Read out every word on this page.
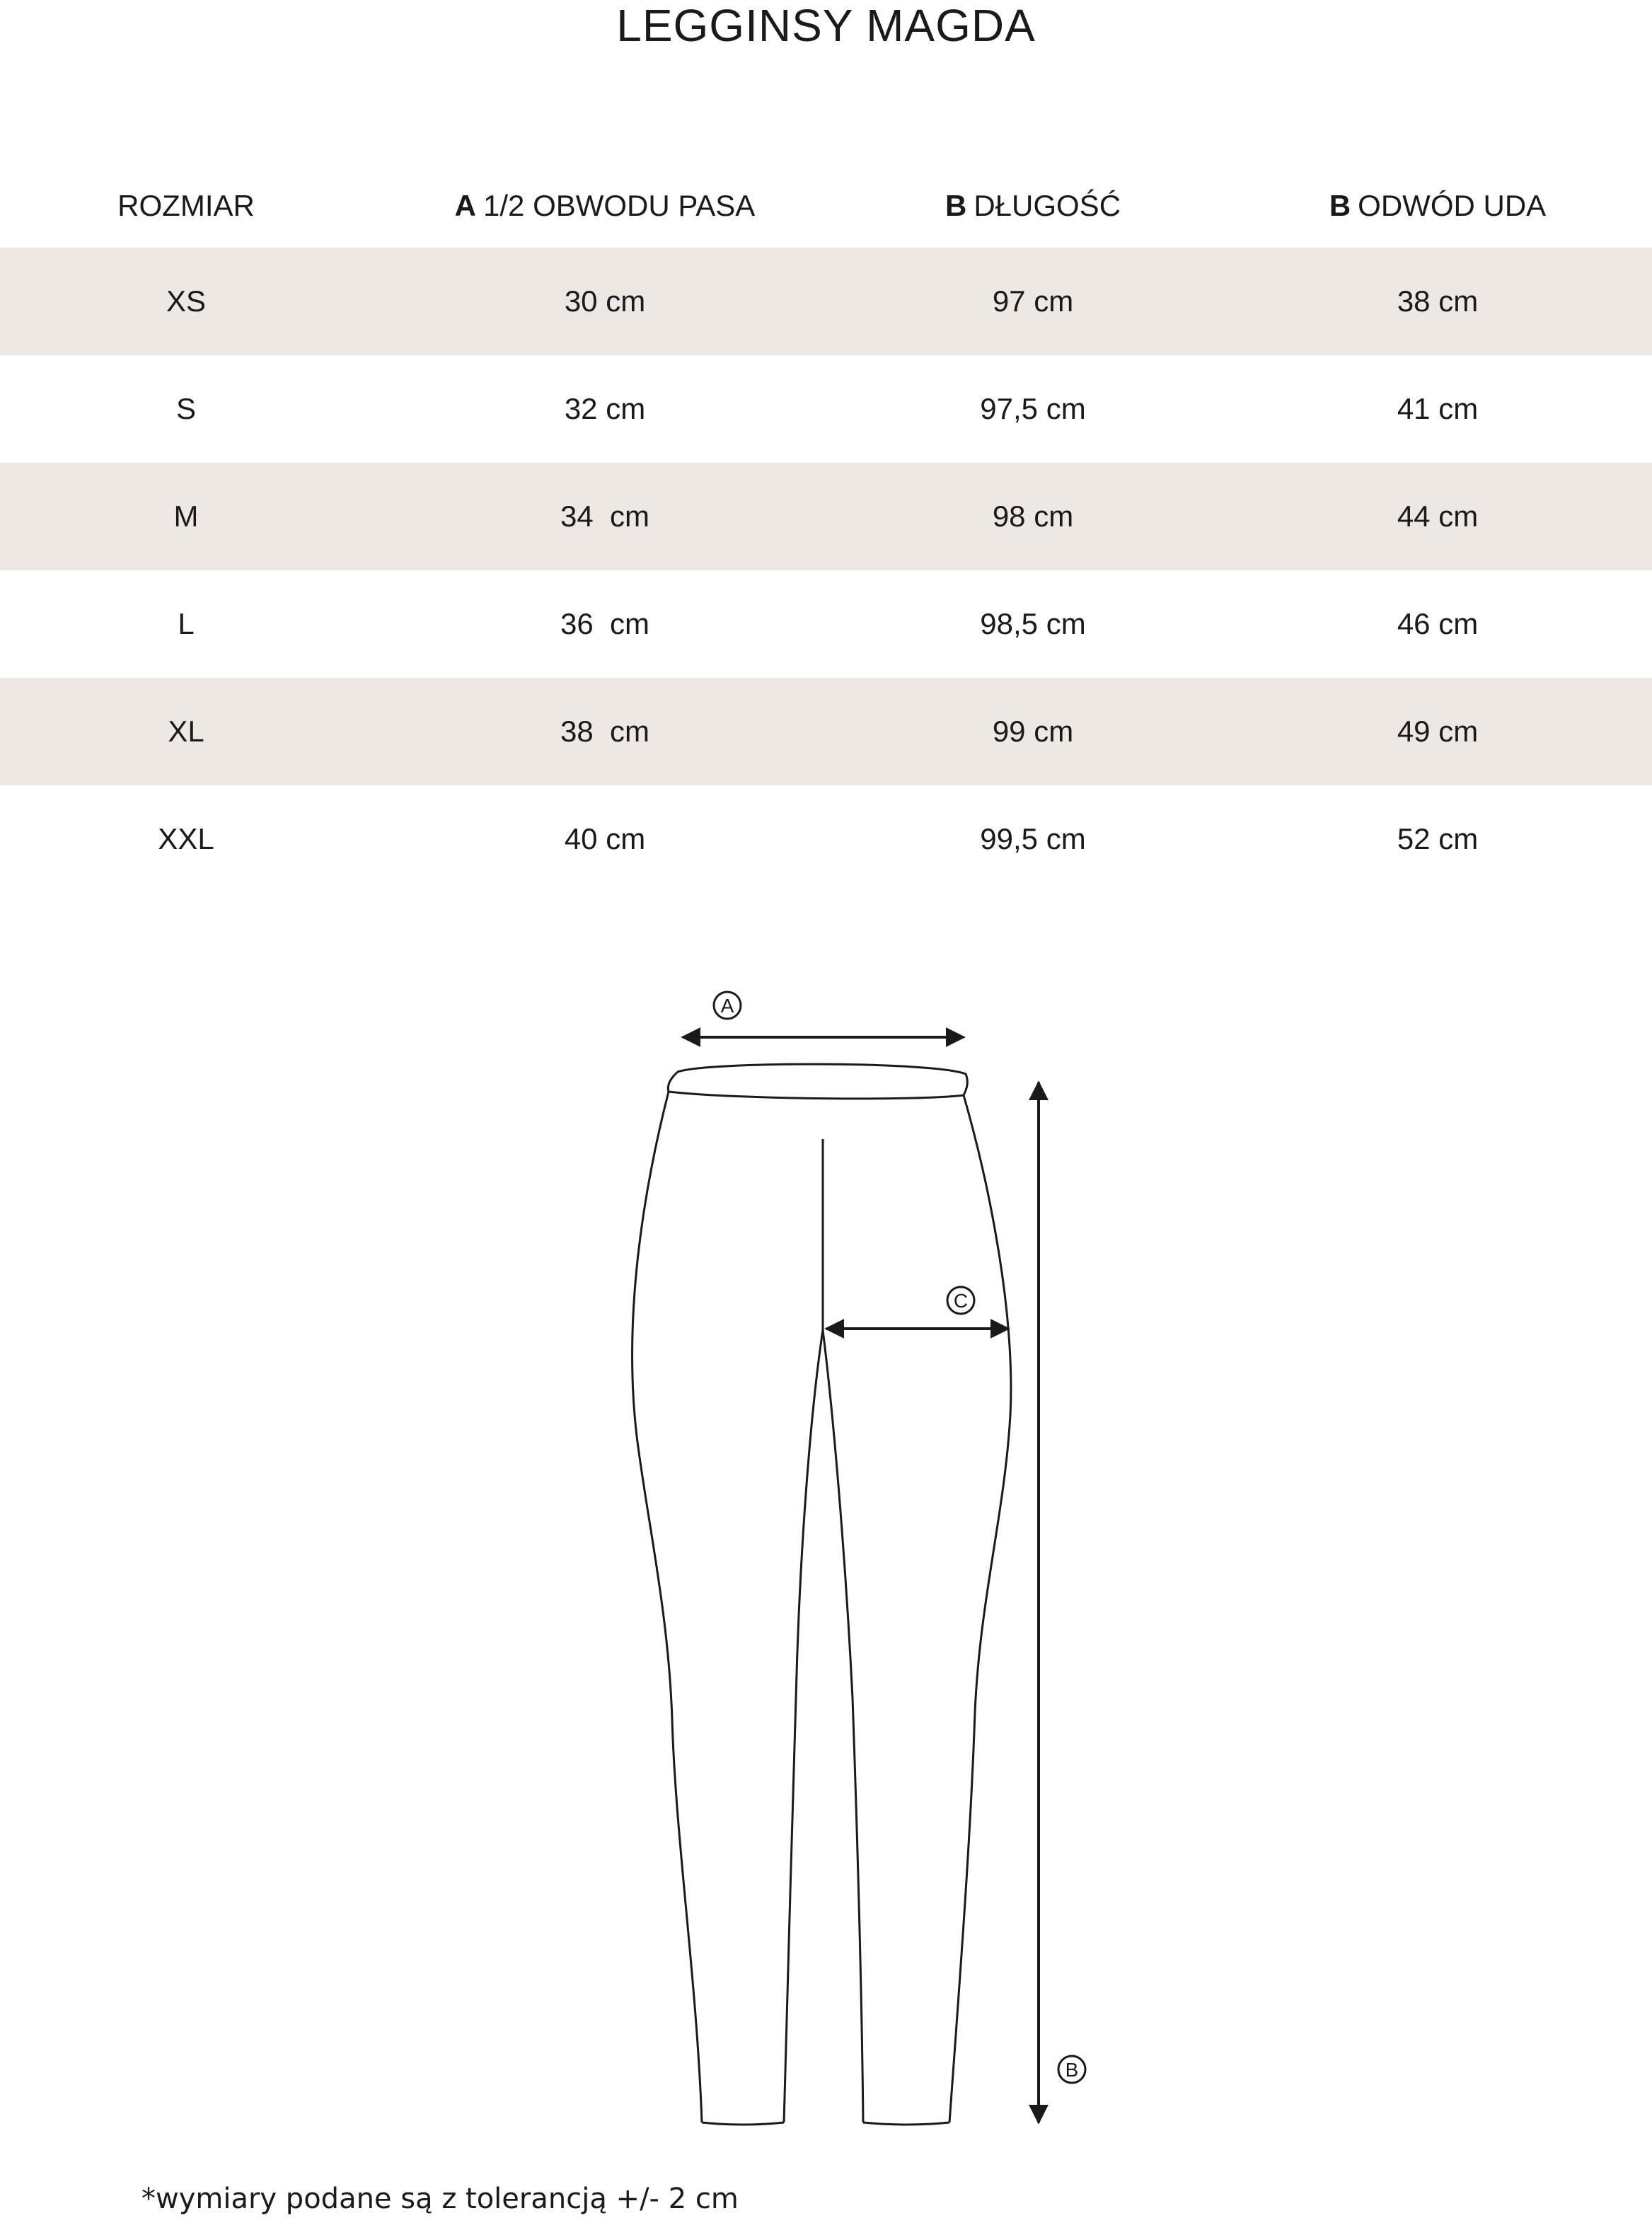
LEGGINSY MAGDA
ROZMIAR	A 1/2 OBWODU PASA	B DŁUGOŚĆ	B ODWÓD UDA
XS	30 cm	97 cm	38 cm
S	32 cm	97,5 cm	41 cm
M	34  cm	98 cm	44 cm
L	36  cm	98,5 cm	46 cm
XL	38  cm	99 cm	49 cm
XXL	40 cm	99,5 cm	52 cm
A
C
B
*wymiary podane są z tolerancją +/- 2 cm
